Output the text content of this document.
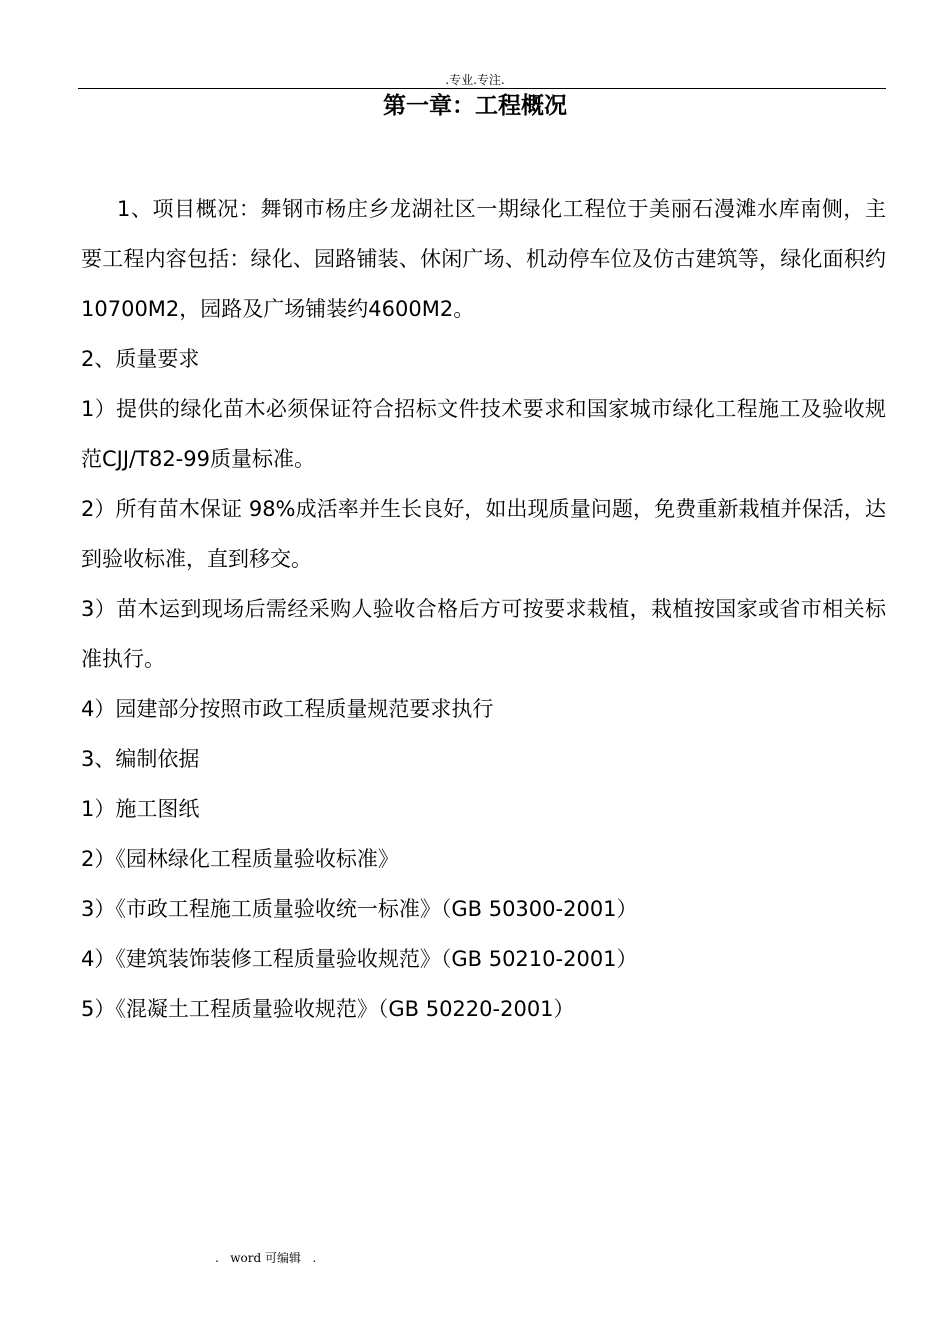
.专业.专注.
第一章：工程概况

1、项目概况：舞钢市杨庄乡龙湖社区一期绿化工程位于美丽石漫滩水库南侧，主要工程内容包括：绿化、园路铺装、休闲广场、机动停车位及仿古建筑等，绿化面积约10700M2，园路及广场铺装约4600M2。

2、质量要求

1）提供的绿化苗木必须保证符合招标文件技术要求和国家城市绿化工程施工及验收规范CJJ/T82-99质量标准。

2）所有苗木保证 98%成活率并生长良好，如出现质量问题，免费重新栽植并保活，达到验收标准，直到移交。

3）苗木运到现场后需经采购人验收合格后方可按要求栽植，栽植按国家或省市相关标准执行。

4）园建部分按照市政工程质量规范要求执行

3、编制依据

1）施工图纸

2）《园林绿化工程质量验收标准》

3）《市政工程施工质量验收统一标准》（GB 50300-2001）

4）《建筑装饰装修工程质量验收规范》（GB 50210-2001）

5）《混凝土工程质量验收规范》（GB 50220-2001）

.   word 可编辑   .
